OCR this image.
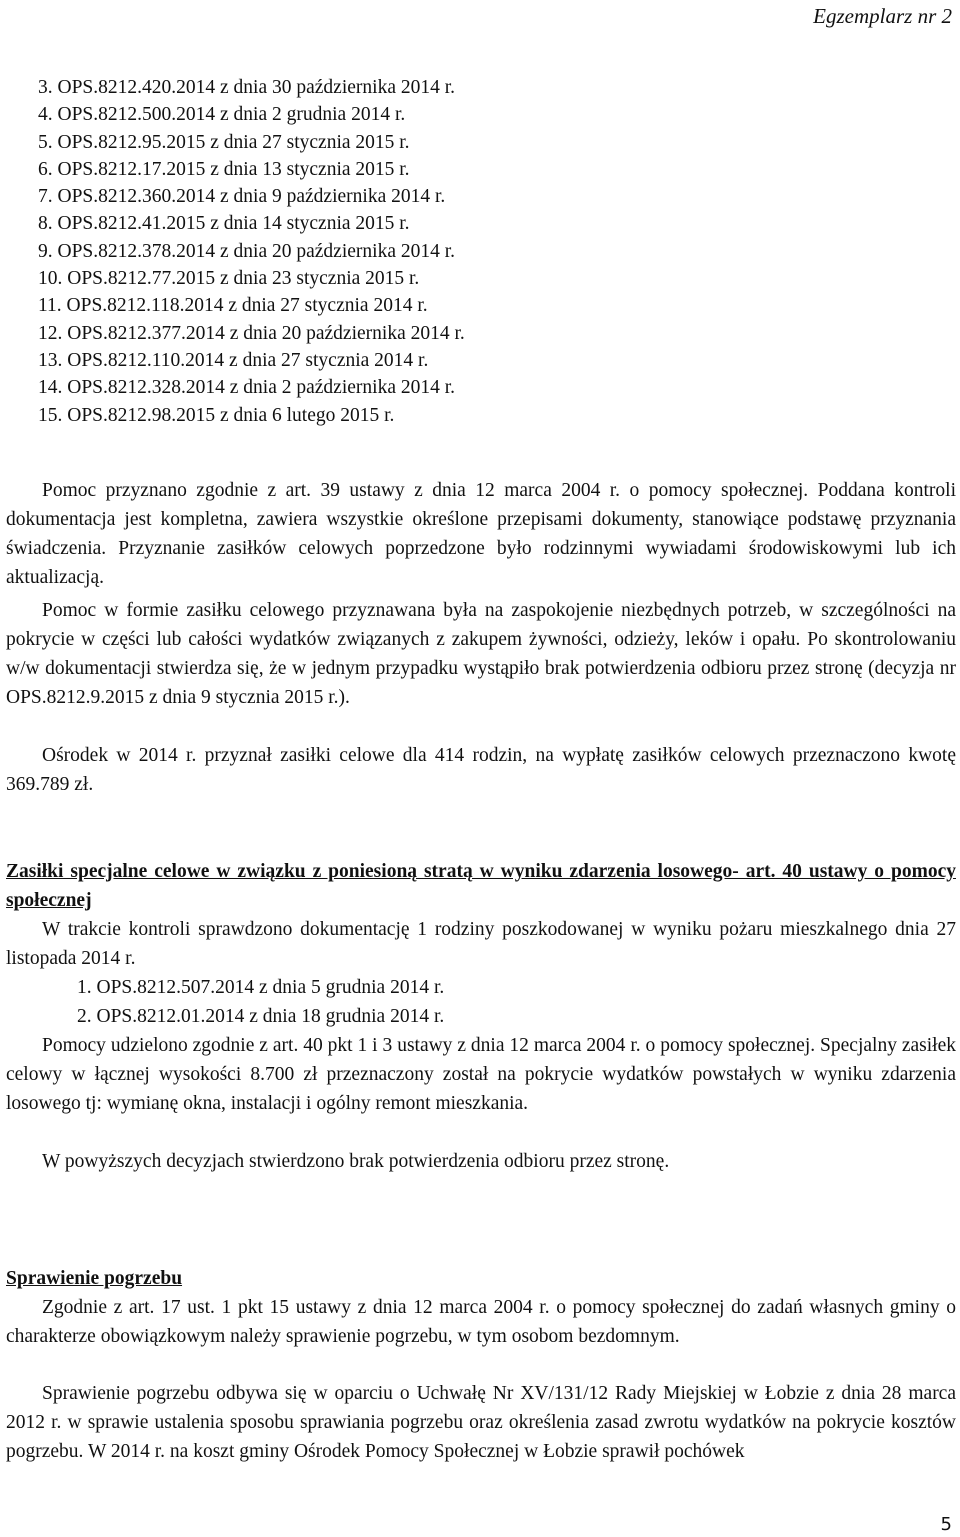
Egzemplarz nr 2
3. OPS.8212.420.2014 z dnia 30 października 2014 r.
4. OPS.8212.500.2014 z dnia 2 grudnia 2014 r.
5. OPS.8212.95.2015 z dnia 27 stycznia 2015 r.
6. OPS.8212.17.2015 z dnia 13 stycznia 2015 r.
7. OPS.8212.360.2014 z dnia 9 października 2014 r.
8. OPS.8212.41.2015 z dnia 14 stycznia 2015 r.
9. OPS.8212.378.2014 z dnia 20 października 2014 r.
10. OPS.8212.77.2015 z dnia 23 stycznia 2015 r.
11. OPS.8212.118.2014 z dnia 27 stycznia 2014 r.
12. OPS.8212.377.2014 z dnia 20 października 2014 r.
13. OPS.8212.110.2014 z dnia 27 stycznia 2014 r.
14. OPS.8212.328.2014 z dnia 2 października 2014 r.
15. OPS.8212.98.2015 z dnia 6 lutego 2015 r.

Pomoc przyznano zgodnie z art. 39 ustawy z dnia 12 marca 2004 r. o pomocy społecznej. Poddana kontroli dokumentacja jest kompletna, zawiera wszystkie określone przepisami dokumenty, stanowiące podstawę przyznania świadczenia. Przyznanie zasiłków celowych poprzedzone było rodzinnymi wywiadami środowiskowymi lub ich aktualizacją.

Pomoc w formie zasiłku celowego przyznawana była na zaspokojenie niezbędnych potrzeb, w szczególności na pokrycie w części lub całości wydatków związanych z zakupem żywności, odzieży, leków i opału. Po skontrolowaniu w/w dokumentacji stwierdza się, że w jednym przypadku wystąpiło brak potwierdzenia odbioru przez stronę (decyzja nr OPS.8212.9.2015 z dnia 9 stycznia 2015 r.).

Ośrodek w 2014 r. przyznał zasiłki celowe dla 414 rodzin, na wypłatę zasiłków celowych przeznaczono kwotę 369.789 zł.

Zasiłki specjalne celowe w związku z poniesioną stratą w wyniku zdarzenia losowego- art. 40 ustawy o pomocy społecznej

W trakcie kontroli sprawdzono dokumentację 1 rodziny poszkodowanej w wyniku pożaru mieszkalnego dnia 27 listopada 2014 r.

1. OPS.8212.507.2014 z dnia 5 grudnia 2014 r.
2. OPS.8212.01.2014 z dnia 18 grudnia 2014 r.

Pomocy udzielono zgodnie z art. 40 pkt 1 i 3 ustawy z dnia 12 marca 2004 r. o pomocy społecznej. Specjalny zasiłek celowy w łącznej wysokości 8.700 zł przeznaczony został na pokrycie wydatków powstałych w wyniku zdarzenia losowego tj: wymianę okna, instalacji i ogólny remont mieszkania.

W powyższych decyzjach stwierdzono brak potwierdzenia odbioru przez stronę.

Sprawienie pogrzebu

Zgodnie z art. 17 ust. 1 pkt 15 ustawy z dnia 12 marca 2004 r. o pomocy społecznej do zadań własnych gminy o charakterze obowiązkowym należy sprawienie pogrzebu, w tym osobom bezdomnym.

Sprawienie pogrzebu odbywa się w oparciu o Uchwałę Nr XV/131/12 Rady Miejskiej w Łobzie z dnia 28 marca 2012 r. w sprawie ustalenia sposobu sprawiania pogrzebu oraz określenia zasad zwrotu wydatków na pokrycie kosztów pogrzebu. W 2014 r. na koszt gminy Ośrodek Pomocy Społecznej w Łobzie sprawił pochówek

5
